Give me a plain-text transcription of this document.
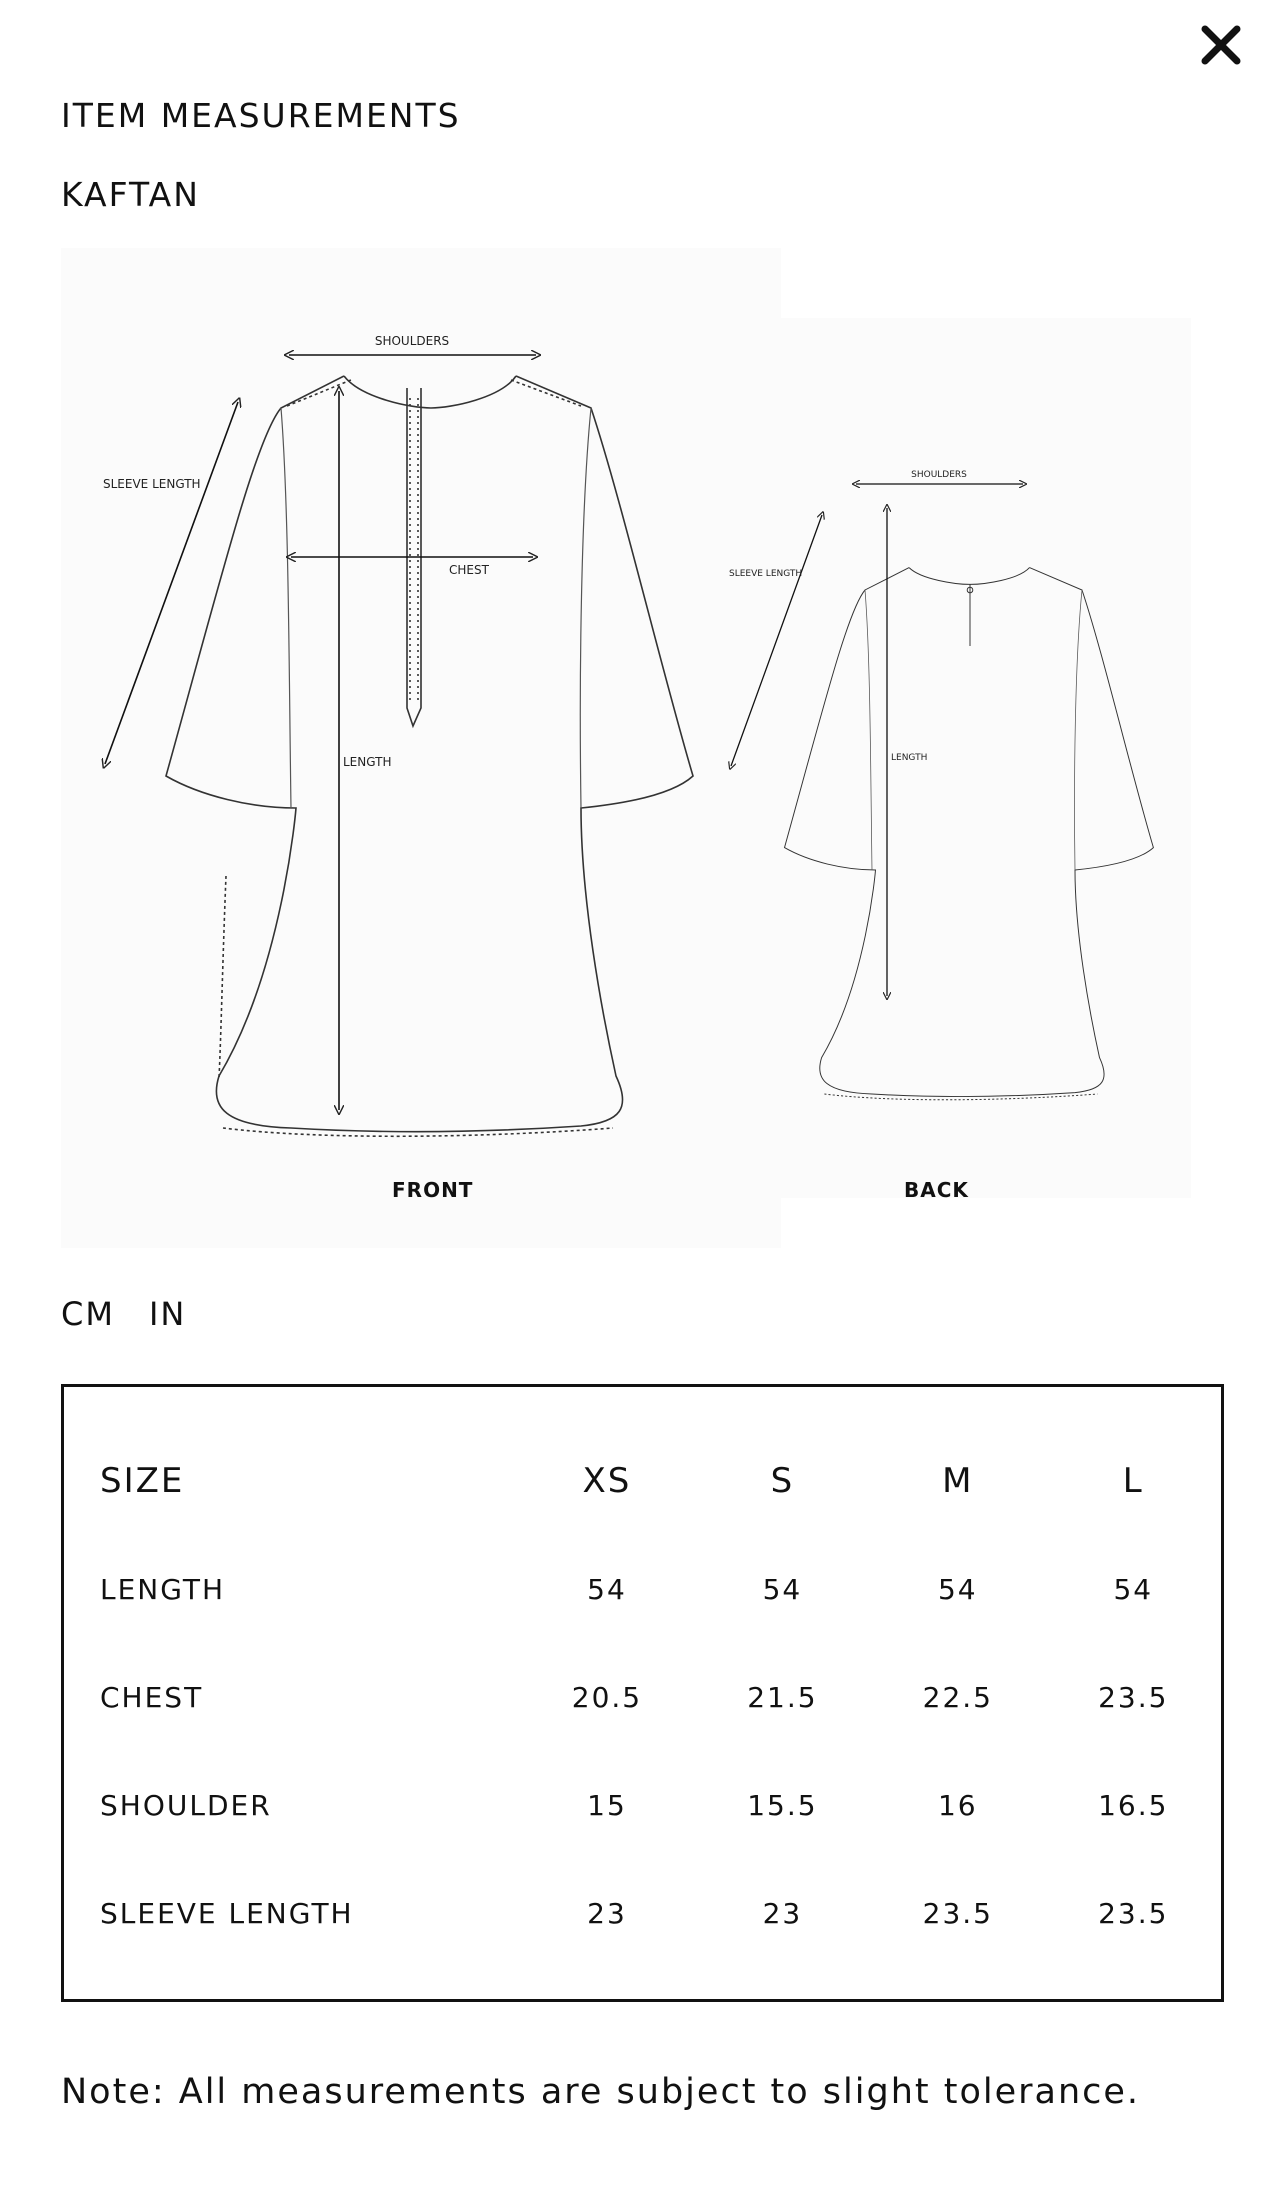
ITEM MEASUREMENTS
KAFTAN
SHOULDERS
SLEEVE LENGTH
CHEST
LENGTH
SHOULDERS
SLEEVE LENGTH
LENGTH
FRONT	BACK
CM IN
SIZE	XS	S	M	L
LENGTH	54	54	54	54
CHEST	20.5	21.5	22.5	23.5
SHOULDER	15	15.5	16	16.5
SLEEVE LENGTH	23	23	23.5	23.5
Note: All measurements are subject to slight tolerance.
